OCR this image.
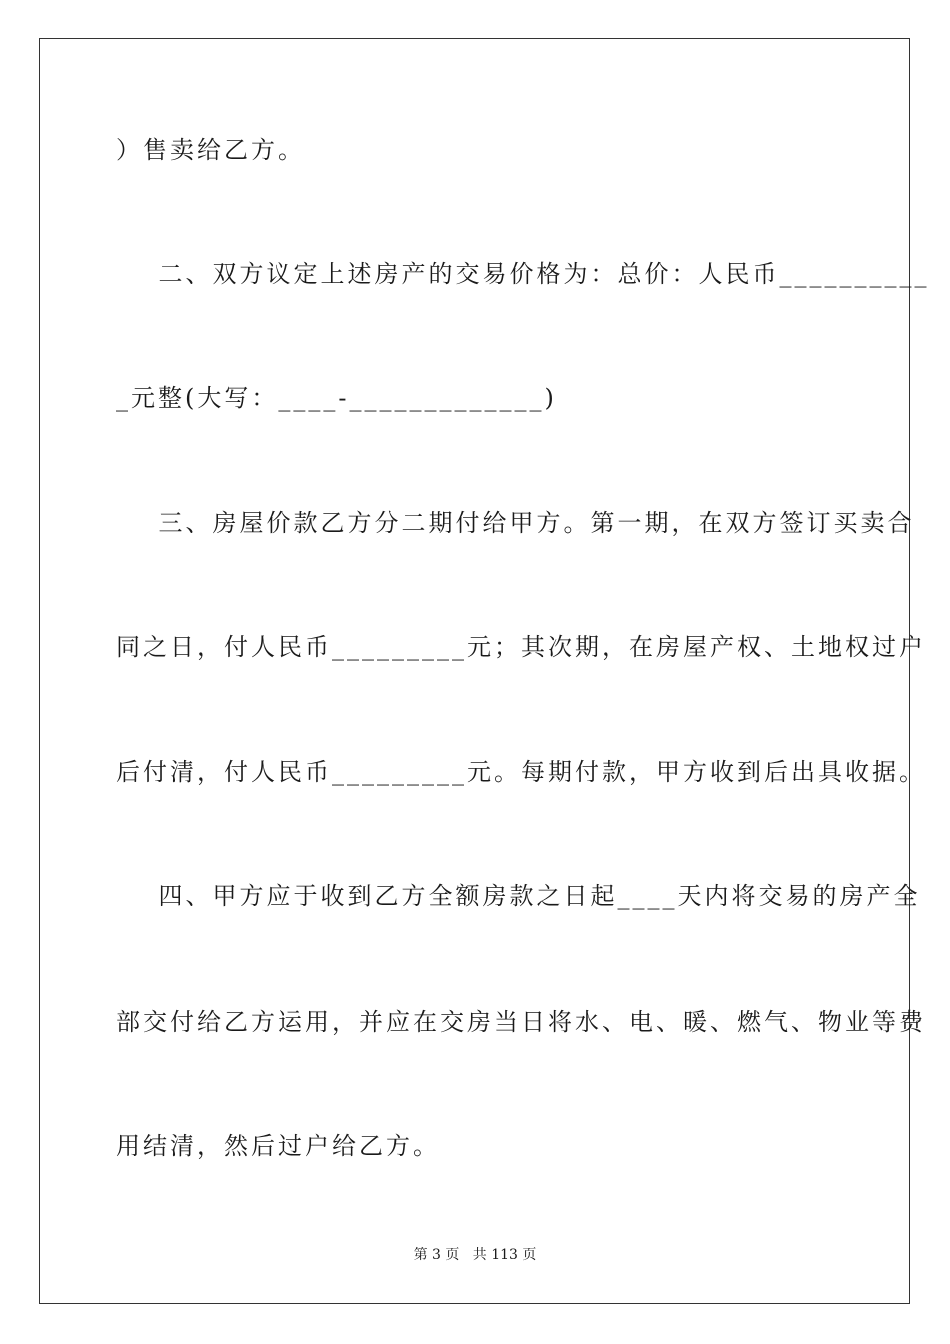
）售卖给乙方。
二、双方议定上述房产的交易价格为：总价：人民币__________
_元整(大写：____-_____________)
三、房屋价款乙方分二期付给甲方。第一期，在双方签订买卖合
同之日，付人民币_________元；其次期，在房屋产权、土地权过户
后付清，付人民币_________元。每期付款，甲方收到后出具收据。
四、甲方应于收到乙方全额房款之日起____天内将交易的房产全
部交付给乙方运用，并应在交房当日将水、电、暖、燃气、物业等费
用结清，然后过户给乙方。
第 3 页   共 113 页
